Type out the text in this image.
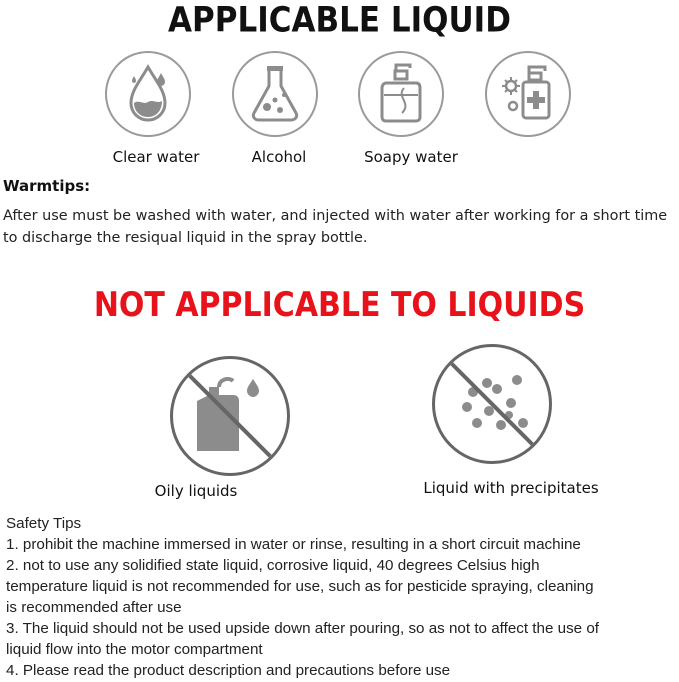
APPLICABLE LIQUID
Clear water	Alcohol	Soapy water
Warmtips:
After use must be washed with water, and injected with water after working for a short time
to discharge the resiqual liquid in the spray bottle.
NOT APPLICABLE TO LIQUIDS
Oily liquids	Liquid with precipitates
Safety Tips
1. prohibit the machine immersed in water or rinse, resulting in a short circuit machine
2. not to use any solidified state liquid, corrosive liquid, 40 degrees Celsius high
temperature liquid is not recommended for use, such as for pesticide spraying, cleaning
is recommended after use
3. The liquid should not be used upside down after pouring, so as not to affect the use of
liquid flow into the motor compartment
4. Please read the product description and precautions before use
